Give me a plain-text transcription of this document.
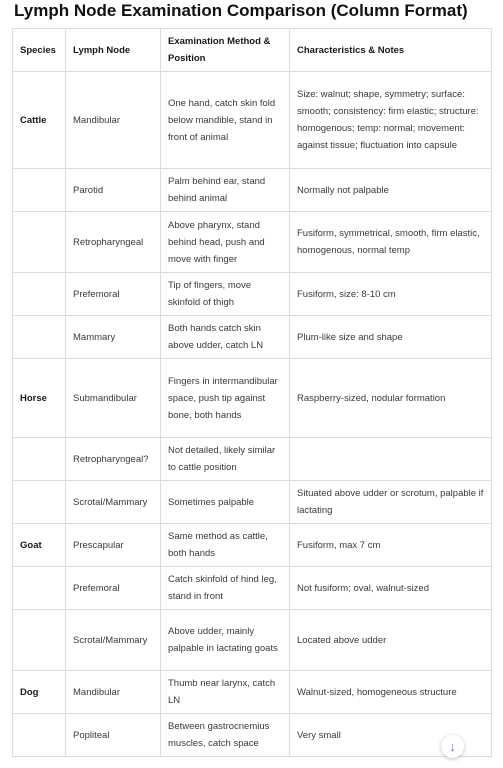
Lymph Node Examination Comparison (Column Format)
Species	Lymph Node	Examination Method & Position	Characteristics & Notes
Cattle	Mandibular	One hand, catch skin fold below mandible, stand in front of animal	Size: walnut; shape, symmetry; surface: smooth; consistency: firm elastic; structure: homogenous; temp: normal; movement: against tissue; fluctuation into capsule
	Parotid	Palm behind ear, stand behind animal	Normally not palpable
	Retropharyngeal	Above pharynx, stand behind head, push and move with finger	Fusiform, symmetrical, smooth, firm elastic, homogenous, normal temp
	Prefemoral	Tip of fingers, move skinfold of thigh	Fusiform, size: 8-10 cm
	Mammary	Both hands catch skin above udder, catch LN	Plum-like size and shape
Horse	Submandibular	Fingers in intermandibular space, push tip against bone, both hands	Raspberry-sized, nodular formation
	Retropharyngeal?	Not detailed, likely similar to cattle position	
	Scrotal/Mammary	Sometimes palpable	Situated above udder or scrotum, palpable if lactating
Goat	Prescapular	Same method as cattle, both hands	Fusiform, max 7 cm
	Prefemoral	Catch skinfold of hind leg, stand in front	Not fusiform; oval, walnut-sized
	Scrotal/Mammary	Above udder, mainly palpable in lactating goats	Located above udder
Dog	Mandibular	Thumb near larynx, catch LN	Walnut-sized, homogeneous structure
	Popliteal	Between gastrocnemius muscles, catch space	Very small
↓
